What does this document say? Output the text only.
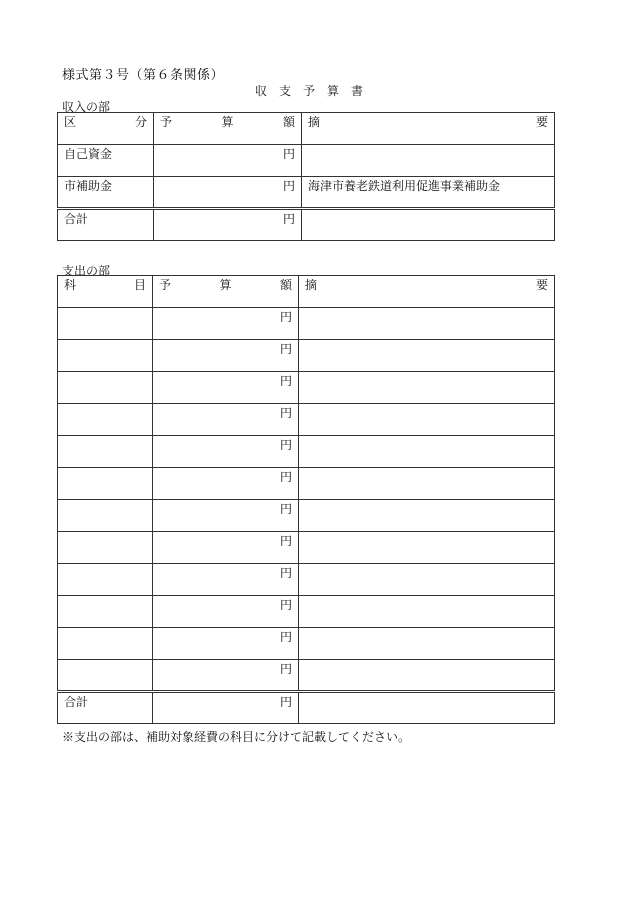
様式第３号（第６条関係）
収支予算書
収入の部
区 分	予 算 額	摘 要

自己資金	円	
市補助金	円	海津市養老鉄道利用促進事業補助金
合計	円	
支出の部
科 目	予 算 額	摘 要

	円	
	円	
	円	
	円	
	円	
	円	
	円	
	円	
	円	
	円	
	円	
	円	
合計	円	
※支出の部は、補助対象経費の科目に分けて記載してください。
